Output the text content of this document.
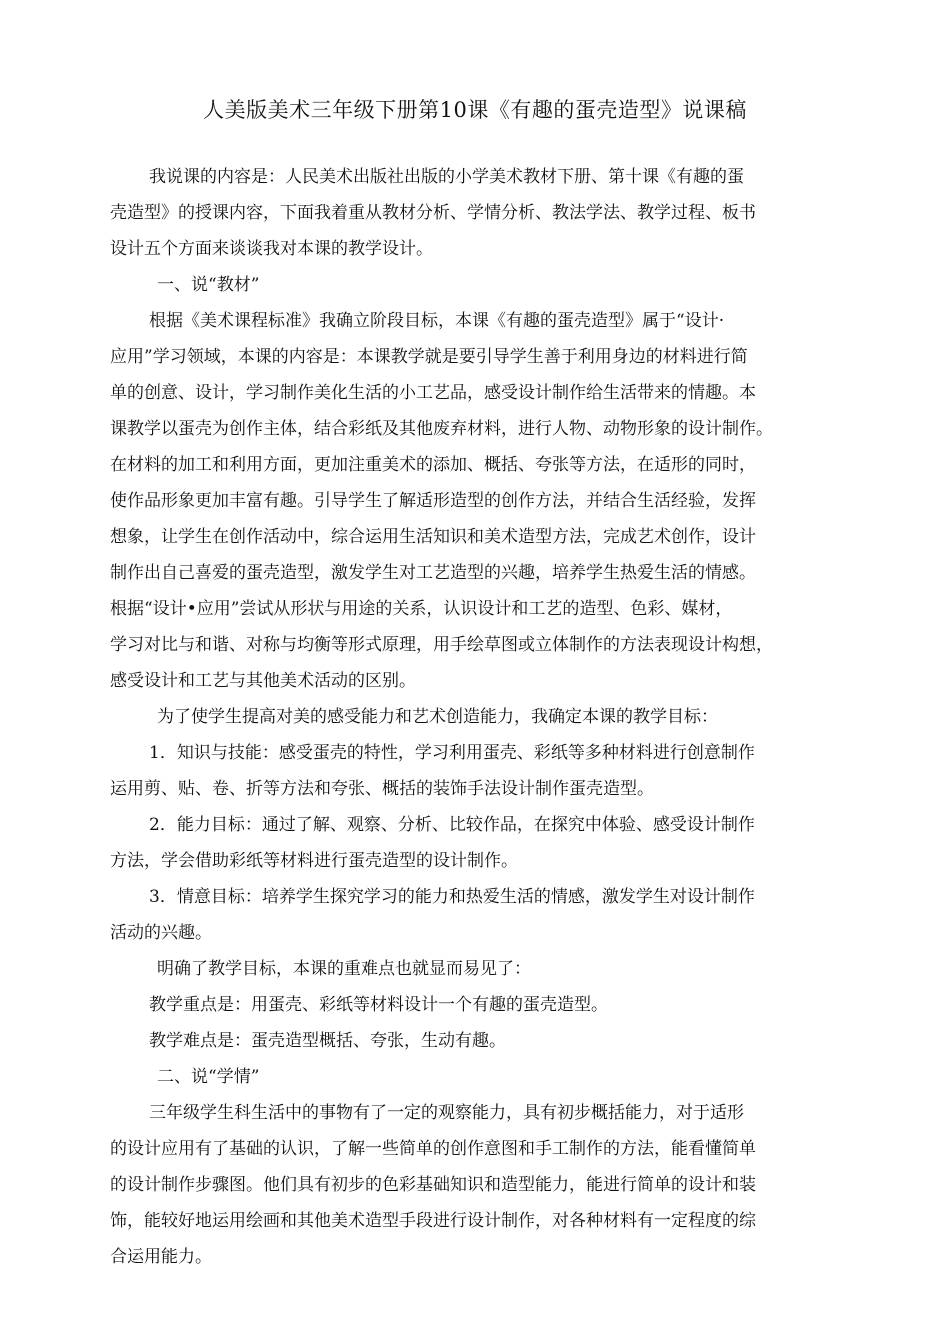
人美版美术三年级下册第10课《有趣的蛋壳造型》说课稿
我说课的内容是：人民美术出版社出版的小学美术教材下册、第十课《有趣的蛋
壳造型》的授课内容，下面我着重从教材分析、学情分析、教法学法、教学过程、板书
设计五个方面来谈谈我对本课的教学设计。
一、说“教材”
根据《美术课程标准》我确立阶段目标，本课《有趣的蛋壳造型》属于“设计·
应用”学习领域，本课的内容是：本课教学就是要引导学生善于利用身边的材料进行简
单的创意、设计，学习制作美化生活的小工艺品，感受设计制作给生活带来的情趣。本
课教学以蛋壳为创作主体，结合彩纸及其他废弃材料，进行人物、动物形象的设计制作。
在材料的加工和利用方面，更加注重美术的添加、概括、夸张等方法，在适形的同时，
使作品形象更加丰富有趣。引导学生了解适形造型的创作方法，并结合生活经验，发挥
想象，让学生在创作活动中，综合运用生活知识和美术造型方法，完成艺术创作，设计
制作出自己喜爱的蛋壳造型，激发学生对工艺造型的兴趣，培养学生热爱生活的情感。
根据“设计•应用”尝试从形状与用途的关系，认识设计和工艺的造型、色彩、媒材，
学习对比与和谐、对称与均衡等形式原理，用手绘草图或立体制作的方法表现设计构想，
感受设计和工艺与其他美术活动的区别。
为了使学生提高对美的感受能力和艺术创造能力，我确定本课的教学目标：
1．知识与技能：感受蛋壳的特性，学习利用蛋壳、彩纸等多种材料进行创意制作
运用剪、贴、卷、折等方法和夸张、概括的装饰手法设计制作蛋壳造型。
2．能力目标：通过了解、观察、分析、比较作品，在探究中体验、感受设计制作
方法，学会借助彩纸等材料进行蛋壳造型的设计制作。
3．情意目标：培养学生探究学习的能力和热爱生活的情感，激发学生对设计制作
活动的兴趣。
明确了教学目标，本课的重难点也就显而易见了：
教学重点是：用蛋壳、彩纸等材料设计一个有趣的蛋壳造型。
教学难点是：蛋壳造型概括、夸张，生动有趣。
二、说“学情”
三年级学生科生活中的事物有了一定的观察能力，具有初步概括能力，对于适形
的设计应用有了基础的认识，了解一些简单的创作意图和手工制作的方法，能看懂简单
的设计制作步骤图。他们具有初步的色彩基础知识和造型能力，能进行简单的设计和装
饰，能较好地运用绘画和其他美术造型手段进行设计制作，对各种材料有一定程度的综
合运用能力。
